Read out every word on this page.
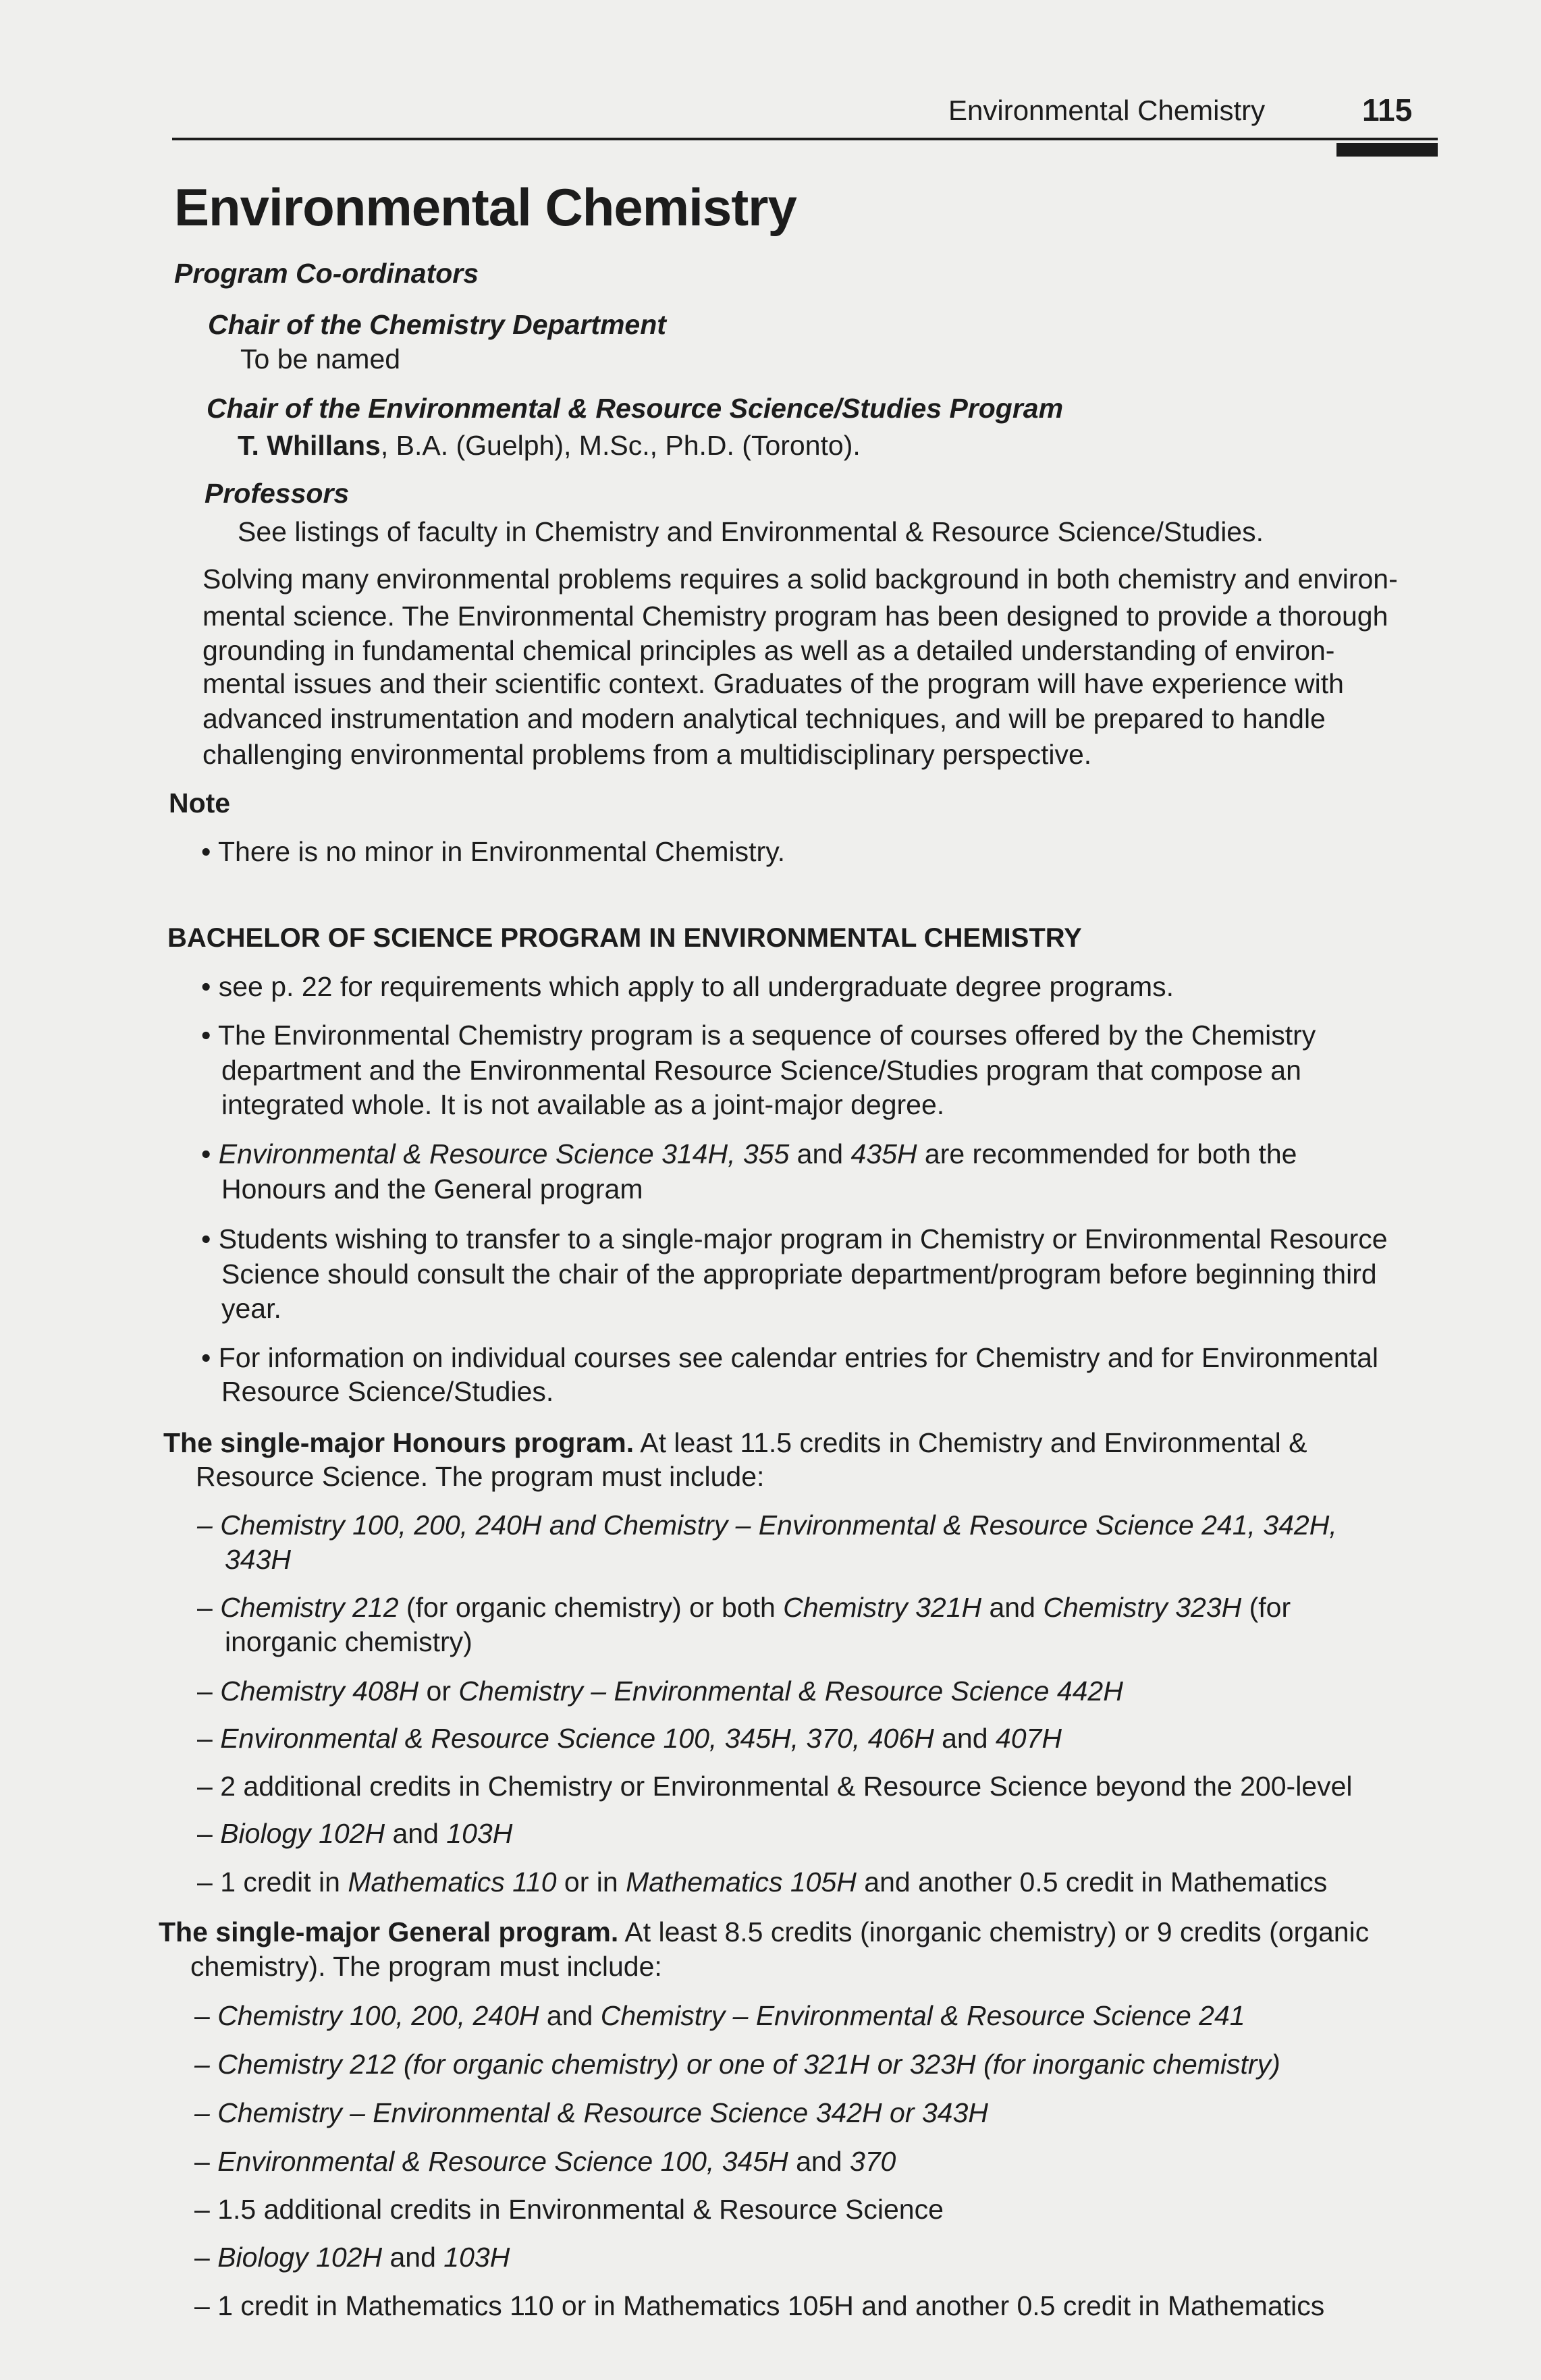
Environmental Chemistry	115
Environmental Chemistry
Program Co-ordinators
Chair of the Chemistry Department
To be named
Chair of the Environmental & Resource Science/Studies Program
T. Whillans, B.A. (Guelph), M.Sc., Ph.D. (Toronto).
Professors
See listings of faculty in Chemistry and Environmental & Resource Science/Studies.
Solving many environmental problems requires a solid background in both chemistry and environ-
mental science. The Environmental Chemistry program has been designed to provide a thorough
grounding in fundamental chemical principles as well as a detailed understanding of environ-
mental issues and their scientific context. Graduates of the program will have experience with
advanced instrumentation and modern analytical techniques, and will be prepared to handle
challenging environmental problems from a multidisciplinary perspective.
Note
• There is no minor in Environmental Chemistry.
BACHELOR OF SCIENCE PROGRAM IN ENVIRONMENTAL CHEMISTRY
• see p. 22 for requirements which apply to all undergraduate degree programs.
• The Environmental Chemistry program is a sequence of courses offered by the Chemistry
department and the Environmental Resource Science/Studies program that compose an
integrated whole. It is not available as a joint-major degree.
• Environmental & Resource Science 314H, 355 and 435H are recommended for both the
Honours and the General program
• Students wishing to transfer to a single-major program in Chemistry or Environmental Resource
Science should consult the chair of the appropriate department/program before beginning third
year.
• For information on individual courses see calendar entries for Chemistry and for Environmental
Resource Science/Studies.
The single-major Honours program. At least 11.5 credits in Chemistry and Environmental &
Resource Science. The program must include:
– Chemistry 100, 200, 240H and Chemistry – Environmental & Resource Science 241, 342H,
343H
– Chemistry 212 (for organic chemistry) or both Chemistry 321H and Chemistry 323H (for
inorganic chemistry)
– Chemistry 408H or Chemistry – Environmental & Resource Science 442H
– Environmental & Resource Science 100, 345H, 370, 406H and 407H
– 2 additional credits in Chemistry or Environmental & Resource Science beyond the 200-level
– Biology 102H and 103H
– 1 credit in Mathematics 110 or in Mathematics 105H and another 0.5 credit in Mathematics
The single-major General program. At least 8.5 credits (inorganic chemistry) or 9 credits (organic
chemistry). The program must include:
– Chemistry 100, 200, 240H and Chemistry – Environmental & Resource Science 241
– Chemistry 212 (for organic chemistry) or one of 321H or 323H (for inorganic chemistry)
– Chemistry – Environmental & Resource Science 342H or 343H
– Environmental & Resource Science 100, 345H and 370
– 1.5 additional credits in Environmental & Resource Science
– Biology 102H and 103H
– 1 credit in Mathematics 110 or in Mathematics 105H and another 0.5 credit in Mathematics
